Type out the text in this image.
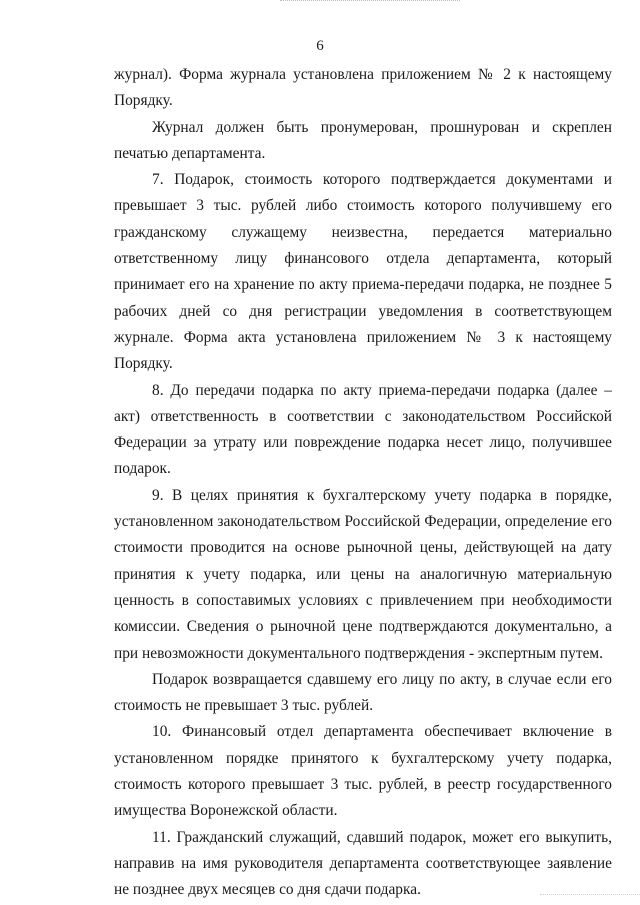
6

журнал). Форма журнала установлена приложением № 2 к настоящему Порядку.

Журнал должен быть пронумерован, прошнурован и скреплен печатью департамента.

7. Подарок, стоимость которого подтверждается документами и превышает 3 тыс. рублей либо стоимость которого получившему его гражданскому служащему неизвестна, передается материально ответственному лицу финансового отдела департамента, который принимает его на хранение по акту приема-передачи подарка, не позднее 5 рабочих дней со дня регистрации уведомления в соответствующем журнале. Форма акта установлена приложением № 3 к настоящему Порядку.

8. До передачи подарка по акту приема-передачи подарка (далее – акт) ответственность в соответствии с законодательством Российской Федерации за утрату или повреждение подарка несет лицо, получившее подарок.

9. В целях принятия к бухгалтерскому учету подарка в порядке, установленном законодательством Российской Федерации, определение его стоимости проводится на основе рыночной цены, действующей на дату принятия к учету подарка, или цены на аналогичную материальную ценность в сопоставимых условиях с привлечением при необходимости комиссии. Сведения о рыночной цене подтверждаются документально, а при невозможности документального подтверждения - экспертным путем.

Подарок возвращается сдавшему его лицу по акту, в случае если его стоимость не превышает 3 тыс. рублей.

10. Финансовый отдел департамента обеспечивает включение в установленном порядке принятого к бухгалтерскому учету подарка, стоимость которого превышает 3 тыс. рублей, в реестр государственного имущества Воронежской области.

11. Гражданский служащий, сдавший подарок, может его выкупить, направив на имя руководителя департамента соответствующее заявление не позднее двух месяцев со дня сдачи подарка.
